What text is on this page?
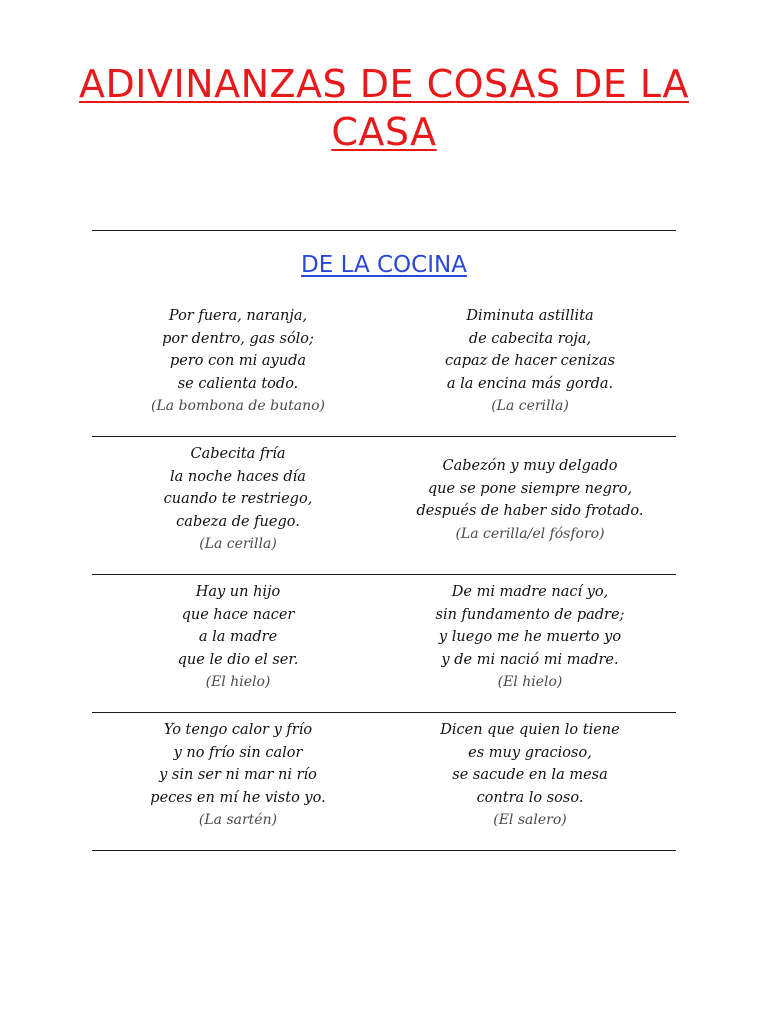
ADIVINANZAS DE COSAS DE LA
CASA
DE LA COCINA
Por fuera, naranja,
por dentro, gas sólo;
pero con mi ayuda
se calienta todo.
(La bombona de butano)
Diminuta astillita
de cabecita roja,
capaz de hacer cenizas
a la encina más gorda.
(La cerilla)
Cabecita fría
la noche haces día
cuando te restriego,
cabeza de fuego.
(La cerilla)
Cabezón y muy delgado
que se pone siempre negro,
después de haber sido frotado.
(La cerilla/el fósforo)
Hay un hijo
que hace nacer
a la madre
que le dio el ser.
(El hielo)
De mi madre nací yo,
sin fundamento de padre;
y luego me he muerto yo
y de mi nació mi madre.
(El hielo)
Yo tengo calor y frío
y no frío sin calor
y sin ser ni mar ni río
peces en mí he visto yo.
(La sartén)
Dicen que quien lo tiene
es muy gracioso,
se sacude en la mesa
contra lo soso.
(El salero)
